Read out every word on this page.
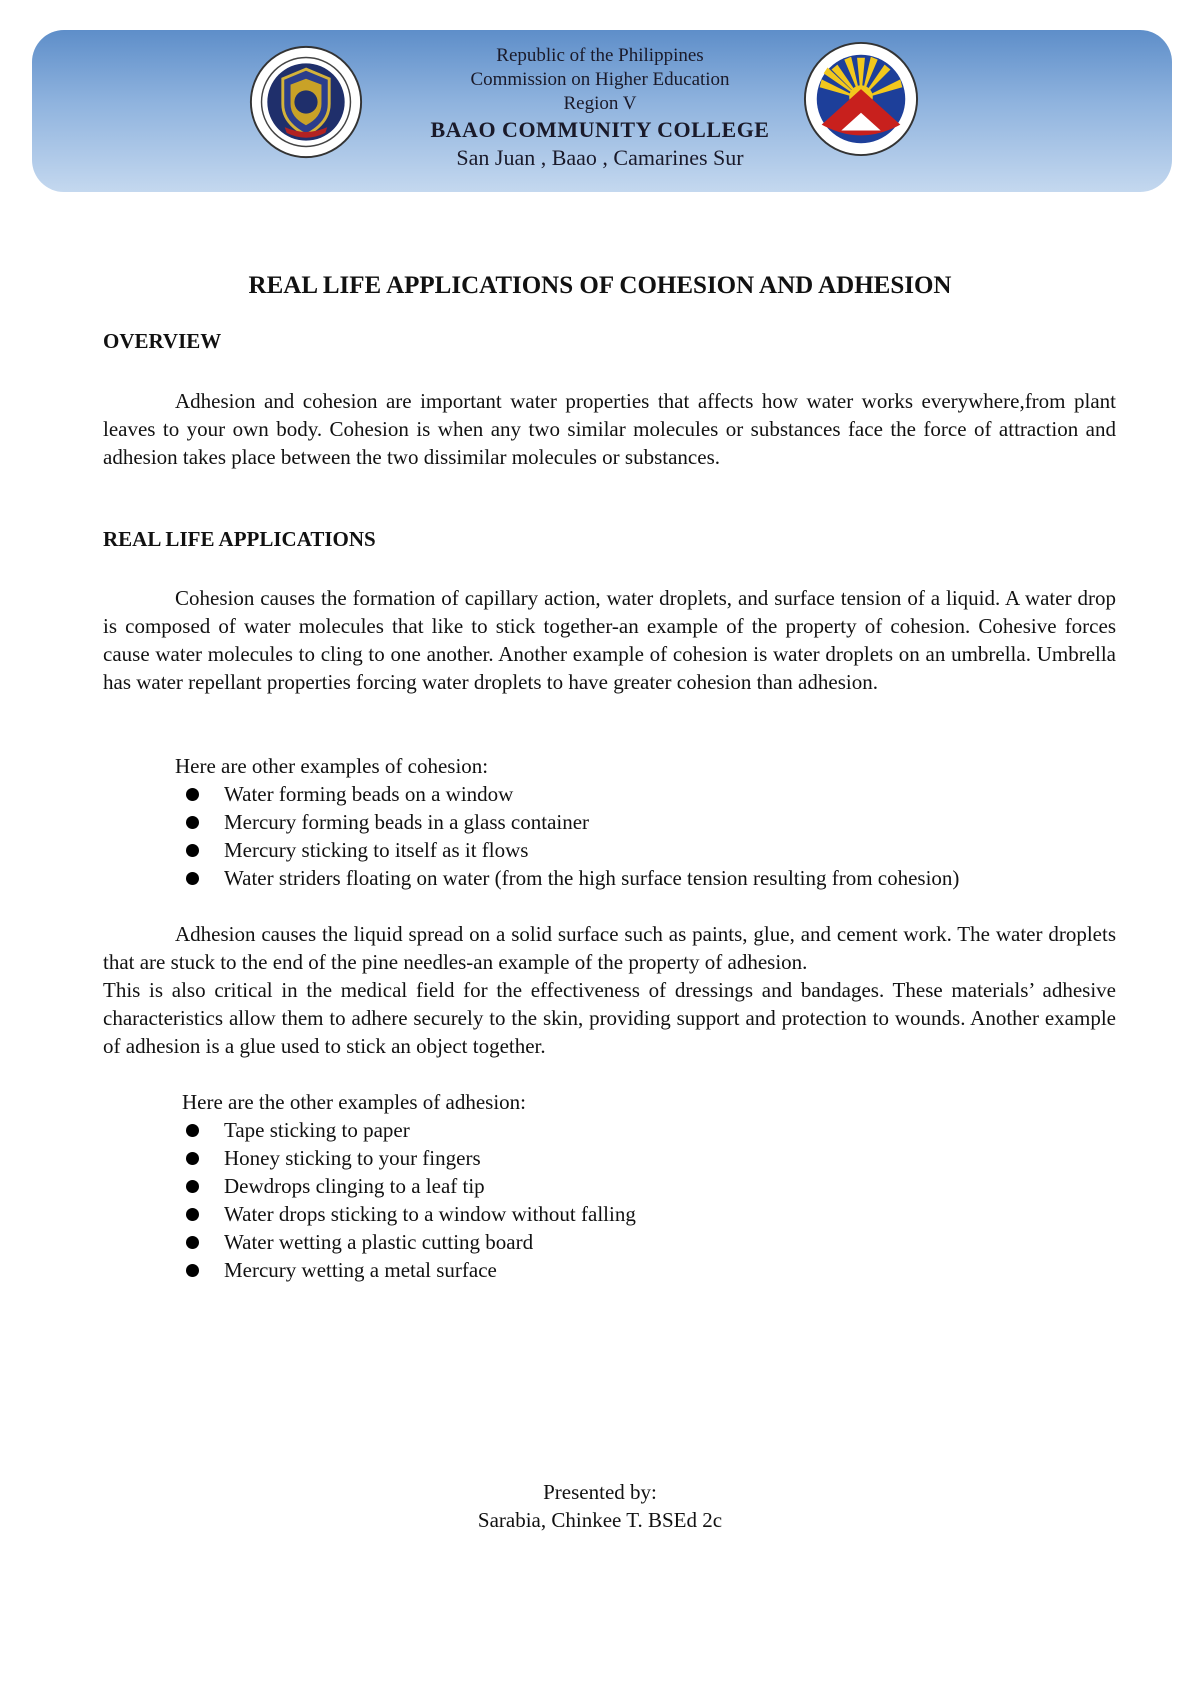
Republic of the Philippines
Commission on Higher Education
Region V
BAAO COMMUNITY COLLEGE
San Juan , Baao , Camarines Sur
REAL LIFE APPLICATIONS OF COHESION AND ADHESION
OVERVIEW

Adhesion and cohesion are important water properties that affects how water works everywhere,from plant leaves to your own body. Cohesion is when any two similar molecules or substances face the force of attraction and adhesion takes place between the two dissimilar molecules or substances.

REAL LIFE APPLICATIONS

Cohesion causes the formation of capillary action, water droplets, and surface tension of a liquid. A water drop is composed of water molecules that like to stick together-an example of the property of cohesion. Cohesive forces cause water molecules to cling to one another. Another example of cohesion is water droplets on an umbrella. Umbrella has water repellant properties forcing water droplets to have greater cohesion than adhesion.

Here are other examples of cohesion:

Water forming beads on a window
Mercury forming beads in a glass container
Mercury sticking to itself as it flows
Water striders floating on water (from the high surface tension resulting from cohesion)

Adhesion causes the liquid spread on a solid surface such as paints, glue, and cement work. The water droplets that are stuck to the end of the pine needles-an example of the property of adhesion.

This is also critical in the medical field for the effectiveness of dressings and bandages. These materials’ adhesive characteristics allow them to adhere securely to the skin, providing support and protection to wounds. Another example of adhesion is a glue used to stick an object together.

Here are the other examples of adhesion:

Tape sticking to paper
Honey sticking to your fingers
Dewdrops clinging to a leaf tip
Water drops sticking to a window without falling
Water wetting a plastic cutting board
Mercury wetting a metal surface
Presented by:
Sarabia, Chinkee T. BSEd 2c
